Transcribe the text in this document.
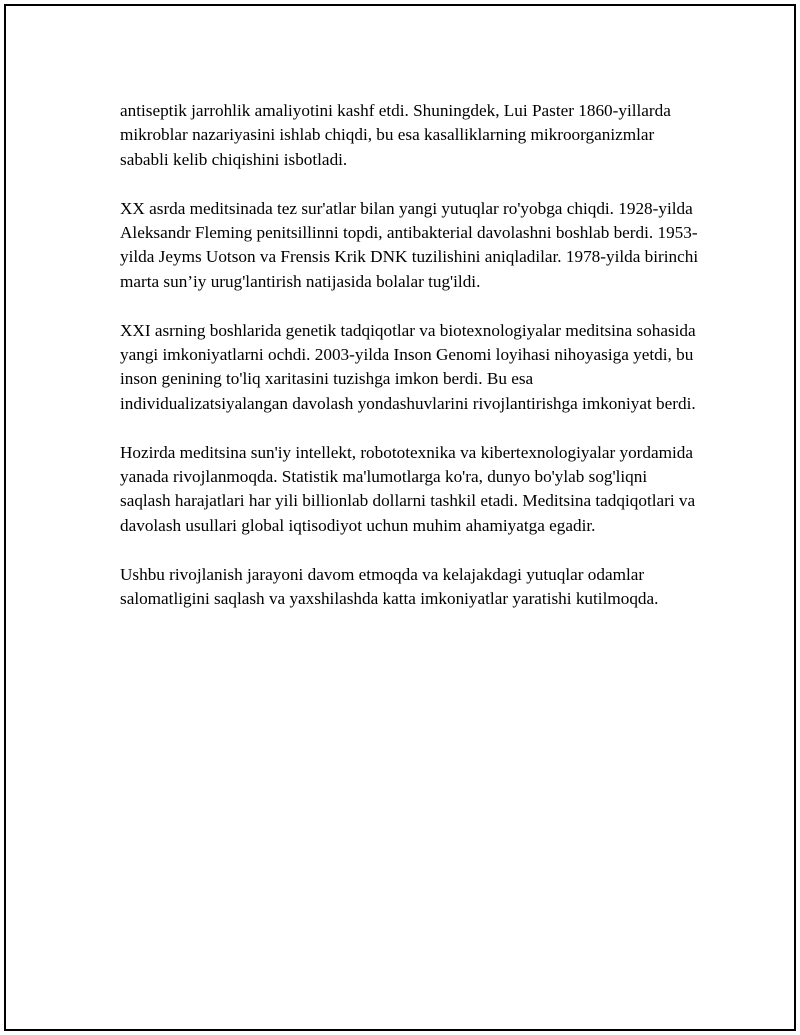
antiseptik jarrohlik amaliyotini kashf etdi. Shuningdek, Lui Paster 1860-yillarda mikroblar nazariyasini ishlab chiqdi, bu esa kasalliklarning mikroorganizmlar sababli kelib chiqishini isbotladi.

XX asrda meditsinada tez sur'atlar bilan yangi yutuqlar ro'yobga chiqdi. 1928-yilda Aleksandr Fleming penitsillinni topdi, antibakterial davolashni boshlab berdi. 1953-yilda Jeyms Uotson va Frensis Krik DNK tuzilishini aniqladilar. 1978-yilda birinchi marta sun’iy urug'lantirish natijasida bolalar tug'ildi.

XXI asrning boshlarida genetik tadqiqotlar va biotexnologiyalar meditsina sohasida yangi imkoniyatlarni ochdi. 2003-yilda Inson Genomi loyihasi nihoyasiga yetdi, bu inson genining to'liq xaritasini tuzishga imkon berdi. Bu esa individualizatsiyalangan davolash yondashuvlarini rivojlantirishga imkoniyat berdi.

Hozirda meditsina sun'iy intellekt, robototexnika va kibertexnologiyalar yordamida yanada rivojlanmoqda. Statistik ma'lumotlarga ko'ra, dunyo bo'ylab sog'liqni saqlash harajatlari har yili billionlab dollarni tashkil etadi. Meditsina tadqiqotlari va davolash usullari global iqtisodiyot uchun muhim ahamiyatga egadir.

Ushbu rivojlanish jarayoni davom etmoqda va kelajakdagi yutuqlar odamlar salomatligini saqlash va yaxshilashda katta imkoniyatlar yaratishi kutilmoqda.
